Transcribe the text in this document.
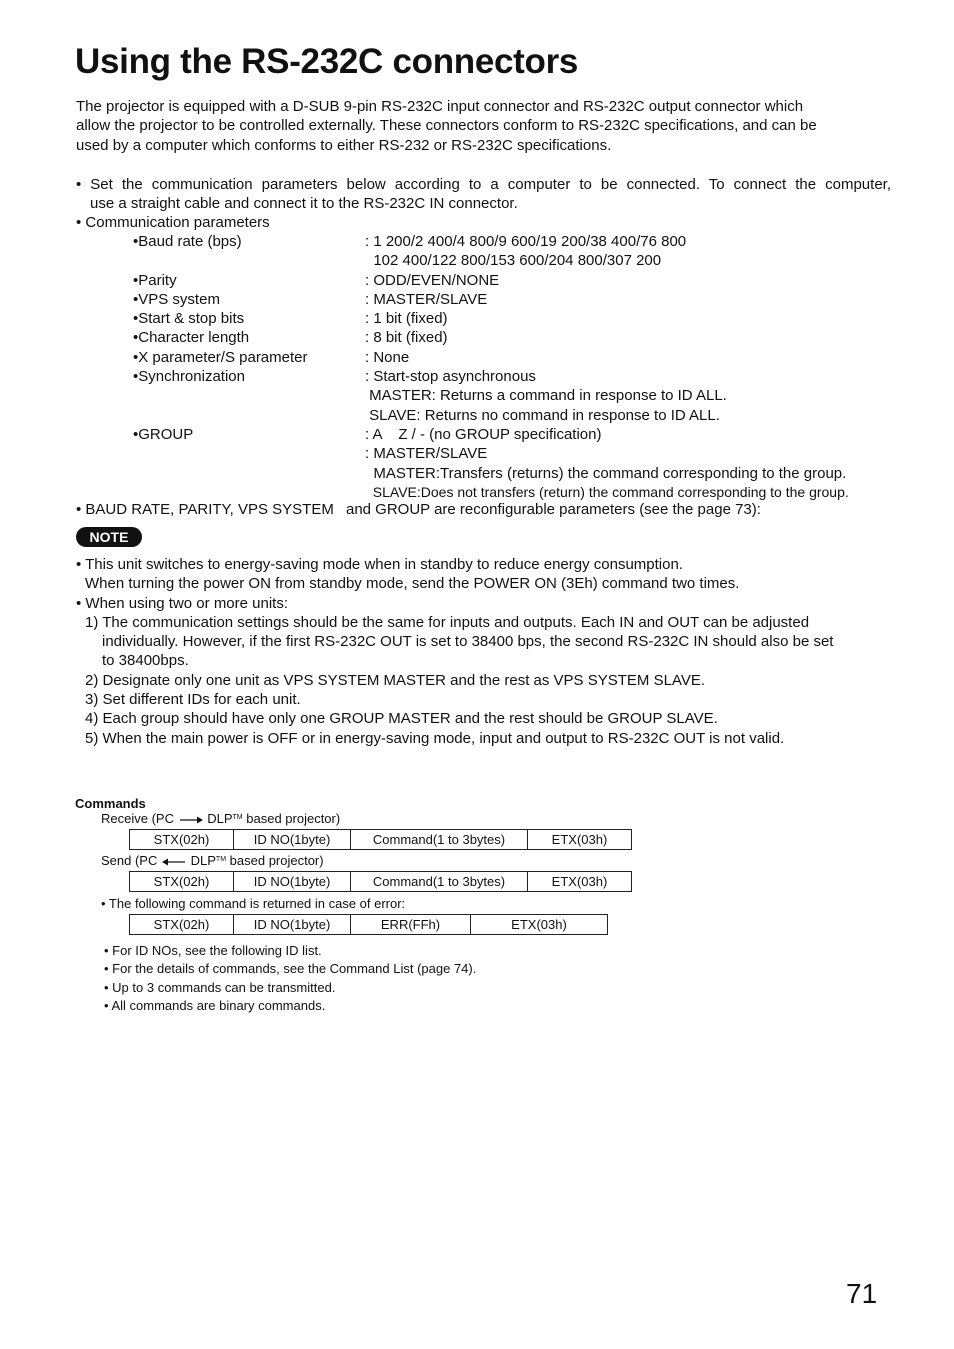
Using the RS-232C connectors
The projector is equipped with a D-SUB 9-pin RS-232C input connector and RS-232C output connector which
allow the projector to be controlled externally. These connectors conform to RS-232C specifications, and can be
used by a computer which conforms to either RS-232 or RS-232C specifications.
• Set the communication parameters below according to a computer to be connected. To connect the computer,
use a straight cable and connect it to the RS-232C IN connector.
• Communication parameters
•Baud rate (bps)	: 1 200/2 400/4 800/9 600/19 200/38 400/76 800
102 400/122 800/153 600/204 800/307 200
•Parity	: ODD/EVEN/NONE
•VPS system	: MASTER/SLAVE
•Start & stop bits	: 1 bit (fixed)
•Character length	: 8 bit (fixed)
•X parameter/S parameter	: None
•Synchronization	: Start-stop asynchronous
MASTER: Returns a command in response to ID ALL.
SLAVE: Returns no command in response to ID ALL.
•GROUP	: A    Z / - (no GROUP specification)
: MASTER/SLAVE
MASTER:Transfers (returns) the command corresponding to the group.
SLAVE:Does not transfers (return) the command corresponding to the group.
• BAUD RATE, PARITY, VPS SYSTEM and GROUP are reconfigurable parameters (see the page 73):
NOTE
• This unit switches to energy-saving mode when in standby to reduce energy consumption.
When turning the power ON from standby mode, send the POWER ON (3Eh) command two times.
• When using two or more units:
1) The communication settings should be the same for inputs and outputs. Each IN and OUT can be adjusted
individually. However, if the first RS-232C OUT is set to 38400 bps, the second RS-232C IN should also be set
to 38400bps.
2) Designate only one unit as VPS SYSTEM MASTER and the rest as VPS SYSTEM SLAVE.
3) Set different IDs for each unit.
4) Each group should have only one GROUP MASTER and the rest should be GROUP SLAVE.
5) When the main power is OFF or in energy-saving mode, input and output to RS-232C OUT is not valid.
Commands
Receive (PC	DLP™ based projector)
STX(02h)	ID NO(1byte)	Command(1 to 3bytes)	ETX(03h)
Send (PC	DLP™ based projector)
STX(02h)	ID NO(1byte)	Command(1 to 3bytes)	ETX(03h)
• The following command is returned in case of error:
STX(02h)	ID NO(1byte)	ERR(FFh)	ETX(03h)
• For ID NOs, see the following ID list.
• For the details of commands, see the Command List (page 74).
• Up to 3 commands can be transmitted.
• All commands are binary commands.
71
